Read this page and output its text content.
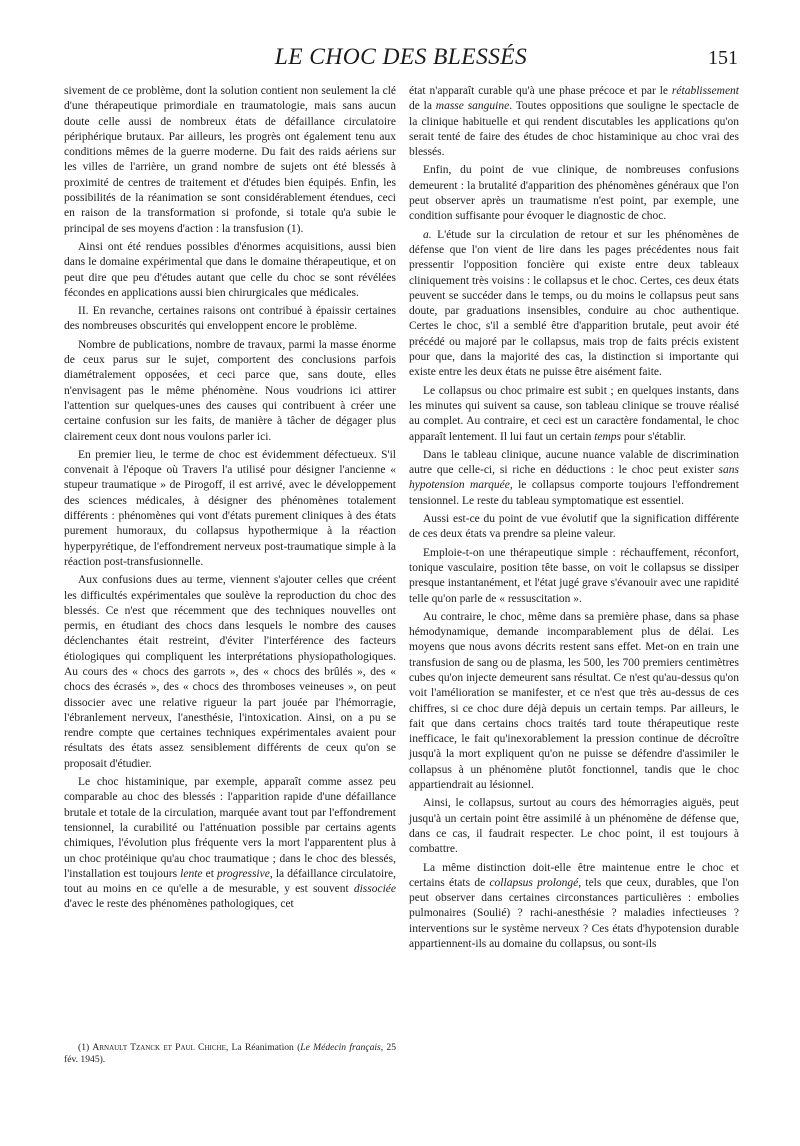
LE CHOC DES BLESSÉS	151

sivement de ce problème, dont la solution contient non seulement la clé d'une thérapeutique primordiale en traumatologie, mais sans aucun doute celle aussi de nombreux états de défaillance circulatoire périphérique brutaux. Par ailleurs, les progrès ont également tenu aux conditions mêmes de la guerre moderne. Du fait des raids aériens sur les villes de l'arrière, un grand nombre de sujets ont été blessés à proximité de centres de traitement et d'études bien équipés. Enfin, les possibilités de la réanimation se sont considérablement étendues, ceci en raison de la transformation si profonde, si totale qu'a subie le principal de ses moyens d'action : la transfusion (1).

Ainsi ont été rendues possibles d'énormes acquisitions, aussi bien dans le domaine expérimental que dans le domaine thérapeutique, et on peut dire que peu d'études autant que celle du choc se sont révélées fécondes en applications aussi bien chirurgicales que médicales.

II. En revanche, certaines raisons ont contribué à épaissir certaines des nombreuses obscurités qui enveloppent encore le problème.

Nombre de publications, nombre de travaux, parmi la masse énorme de ceux parus sur le sujet, comportent des conclusions parfois diamétralement opposées, et ceci parce que, sans doute, elles n'envisagent pas le même phénomène. Nous voudrions ici attirer l'attention sur quelques-unes des causes qui contribuent à créer une certaine confusion sur les faits, de manière à tâcher de dégager plus clairement ceux dont nous voulons parler ici.

En premier lieu, le terme de choc est évidemment défectueux. S'il convenait à l'époque où Travers l'a utilisé pour désigner l'ancienne « stupeur traumatique » de Pirogoff, il est arrivé, avec le développement des sciences médicales, à désigner des phénomènes totalement différents : phénomènes qui vont d'états purement cliniques à des états purement humoraux, du collapsus hypothermique à la réaction hyperpyrétique, de l'effondrement nerveux post-traumatique simple à la réaction post-transfusionnelle.

Aux confusions dues au terme, viennent s'ajouter celles que créent les difficultés expérimentales que soulève la reproduction du choc des blessés. Ce n'est que récemment que des techniques nouvelles ont permis, en étudiant des chocs dans lesquels le nombre des causes déclenchantes était restreint, d'éviter l'interférence des facteurs étiologiques qui compliquent les interprétations physiopathologiques. Au cours des « chocs des garrots », des « chocs des brûlés », des « chocs des écrasés », des « chocs des thromboses veineuses », on peut dissocier avec une relative rigueur la part jouée par l'hémorragie, l'ébranlement nerveux, l'anesthésie, l'intoxication. Ainsi, on a pu se rendre compte que certaines techniques expérimentales avaient pour résultats des états assez sensiblement différents de ceux qu'on se proposait d'étudier.

Le choc histaminique, par exemple, apparaît comme assez peu comparable au choc des blessés : l'apparition rapide d'une défaillance brutale et totale de la circulation, marquée avant tout par l'effondrement tensionnel, la curabilité ou l'atténuation possible par certains agents chimiques, l'évolution plus fréquente vers la mort l'apparentent plus à un choc protéinique qu'au choc traumatique ; dans le choc des blessés, l'installation est toujours lente et progressive, la défaillance circulatoire, tout au moins en ce qu'elle a de mesurable, y est souvent dissociée d'avec le reste des phénomènes pathologiques, cet

(1) Arnault Tzanck et Paul Chiche, La Réanimation (Le Médecin français, 25 fév. 1945).

état n'apparaît curable qu'à une phase précoce et par le rétablissement de la masse sanguine. Toutes oppositions que souligne le spectacle de la clinique habituelle et qui rendent discutables les applications qu'on serait tenté de faire des études de choc histaminique au choc vrai des blessés.

Enfin, du point de vue clinique, de nombreuses confusions demeurent : la brutalité d'apparition des phénomènes généraux que l'on peut observer après un traumatisme n'est point, par exemple, une condition suffisante pour évoquer le diagnostic de choc.

a. L'étude sur la circulation de retour et sur les phénomènes de défense que l'on vient de lire dans les pages précédentes nous fait pressentir l'opposition foncière qui existe entre deux tableaux cliniquement très voisins : le collapsus et le choc. Certes, ces deux états peuvent se succéder dans le temps, ou du moins le collapsus peut sans doute, par graduations insensibles, conduire au choc authentique. Certes le choc, s'il a semblé être d'apparition brutale, peut avoir été précédé ou majoré par le collapsus, mais trop de faits précis existent pour que, dans la majorité des cas, la distinction si importante qui existe entre les deux états ne puisse être aisément faite.

Le collapsus ou choc primaire est subit ; en quelques instants, dans les minutes qui suivent sa cause, son tableau clinique se trouve réalisé au complet. Au contraire, et ceci est un caractère fondamental, le choc apparaît lentement. Il lui faut un certain temps pour s'établir.

Dans le tableau clinique, aucune nuance valable de discrimination autre que celle-ci, si riche en déductions : le choc peut exister sans hypotension marquée, le collapsus comporte toujours l'effondrement tensionnel. Le reste du tableau symptomatique est essentiel.

Aussi est-ce du point de vue évolutif que la signification différente de ces deux états va prendre sa pleine valeur.

Emploie-t-on une thérapeutique simple : réchauffement, réconfort, tonique vasculaire, position tête basse, on voit le collapsus se dissiper presque instantanément, et l'état jugé grave s'évanouir avec une rapidité telle qu'on parle de « ressuscitation ».

Au contraire, le choc, même dans sa première phase, dans sa phase hémodynamique, demande incomparablement plus de délai. Les moyens que nous avons décrits restent sans effet. Met-on en train une transfusion de sang ou de plasma, les 500, les 700 premiers centimètres cubes qu'on injecte demeurent sans résultat. Ce n'est qu'au-dessus qu'on voit l'amélioration se manifester, et ce n'est que très au-dessus de ces chiffres, si ce choc dure déjà depuis un certain temps. Par ailleurs, le fait que dans certains chocs traités tard toute thérapeutique reste inefficace, le fait qu'inexorablement la pression continue de décroître jusqu'à la mort expliquent qu'on ne puisse se défendre d'assimiler le collapsus à un phénomène plutôt fonctionnel, tandis que le choc appartiendrait au lésionnel.

Ainsi, le collapsus, surtout au cours des hémorragies aiguës, peut jusqu'à un certain point être assimilé à un phénomène de défense que, dans ce cas, il faudrait respecter. Le choc point, il est toujours à combattre.

La même distinction doit-elle être maintenue entre le choc et certains états de collapsus prolongé, tels que ceux, durables, que l'on peut observer dans certaines circonstances particulières : embolies pulmonaires (Soulié) ? rachi-anesthésie ? maladies infectieuses ? interventions sur le système nerveux ? Ces états d'hypotension durable appartiennent-ils au domaine du collapsus, ou sont-ils
